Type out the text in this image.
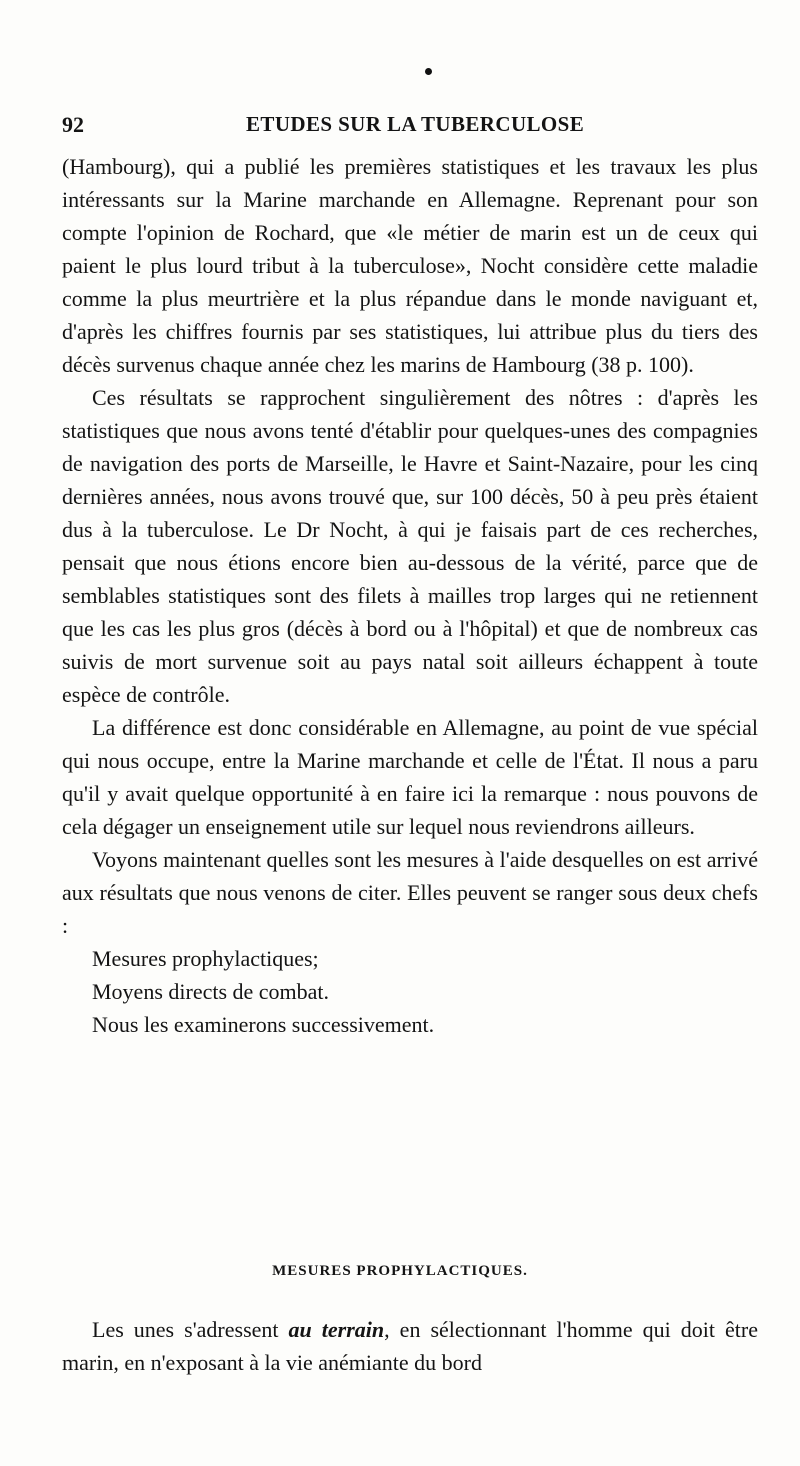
92	ETUDES SUR LA TUBERCULOSE

(Hambourg), qui a publié les premières statistiques et les travaux les plus intéressants sur la Marine marchande en Allemagne. Reprenant pour son compte l'opinion de Rochard, que «le métier de marin est un de ceux qui paient le plus lourd tribut à la tuberculose», Nocht considère cette maladie comme la plus meurtrière et la plus répandue dans le monde naviguant et, d'après les chiffres fournis par ses statistiques, lui attribue plus du tiers des décès survenus chaque année chez les marins de Hambourg (38 p. 100).

Ces résultats se rapprochent singulièrement des nôtres : d'après les statistiques que nous avons tenté d'établir pour quelques-unes des compagnies de navigation des ports de Marseille, le Havre et Saint-Nazaire, pour les cinq dernières années, nous avons trouvé que, sur 100 décès, 50 à peu près étaient dus à la tuberculose. Le Dr Nocht, à qui je faisais part de ces recherches, pensait que nous étions encore bien au-dessous de la vérité, parce que de semblables statistiques sont des filets à mailles trop larges qui ne retiennent que les cas les plus gros (décès à bord ou à l'hôpital) et que de nombreux cas suivis de mort survenue soit au pays natal soit ailleurs échappent à toute espèce de contrôle.

La différence est donc considérable en Allemagne, au point de vue spécial qui nous occupe, entre la Marine marchande et celle de l'État. Il nous a paru qu'il y avait quelque opportunité à en faire ici la remarque : nous pouvons de cela dégager un enseignement utile sur lequel nous reviendrons ailleurs.

Voyons maintenant quelles sont les mesures à l'aide desquelles on est arrivé aux résultats que nous venons de citer. Elles peuvent se ranger sous deux chefs :

Mesures prophylactiques;

Moyens directs de combat.

Nous les examinerons successivement.

MESURES PROPHYLACTIQUES.

Les unes s'adressent au terrain, en sélectionnant l'homme qui doit être marin, en n'exposant à la vie anémiante du bord
